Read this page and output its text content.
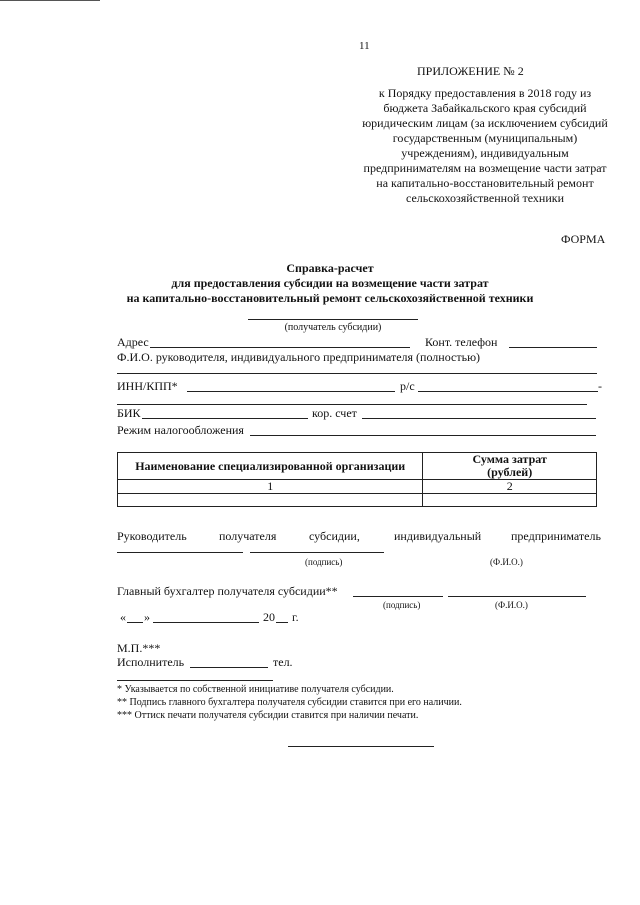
11
ПРИЛОЖЕНИЕ № 2
к Порядку предоставления в 2018 году из
бюджета Забайкальского края субсидий
юридическим лицам (за исключением субсидий
государственным (муниципальным)
учреждениям), индивидуальным
предпринимателям на возмещение части затрат
на капитально-восстановительный ремонт
сельскохозяйственной техники
ФОРМА
Справка-расчет
для предоставления субсидии на возмещение части затрат
на капитально-восстановительный ремонт сельскохозяйственной техники
(получатель субсидии)
Адрес	Конт. телефон
Ф.И.О. руководителя, индивидуального предпринимателя (полностью)
ИНН/КПП*	р/с	-
БИК	кор. счет
Режим налогообложения
Наименование специализированной организации	Сумма затрат
(рублей)
1	2

Руководитель	получателя	субсидии,	индивидуальный предприниматель
(подпись)	(Ф.И.О.)
Главный бухгалтер получателя субсидии**
(подпись)	(Ф.И.О.)
« »	20 г.
М.П.***
Исполнитель	тел.
* Указывается по собственной инициативе получателя субсидии.
** Подпись главного бухгалтера получателя субсидии ставится при его наличии.
*** Оттиск печати получателя субсидии ставится при наличии печати.
